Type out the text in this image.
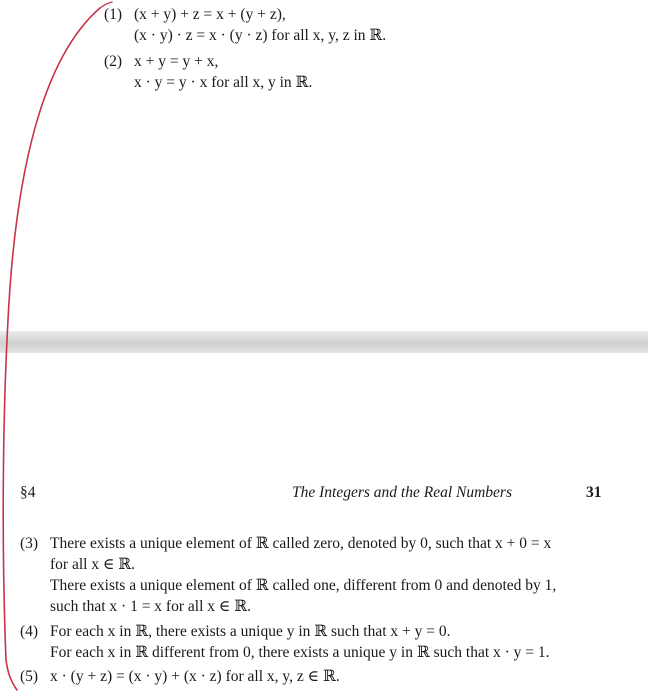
(1) (x + y) + z = x + (y + z),
(x · y) · z = x · (y · z) for all x, y, z in ℝ.
(2) x + y = y + x,
x · y = y · x for all x, y in ℝ.
§4	The Integers and the Real Numbers	31
(3) There exists a unique element of ℝ called zero, denoted by 0, such that x + 0 = x
for all x ∈ ℝ.
There exists a unique element of ℝ called one, different from 0 and denoted by 1,
such that x · 1 = x for all x ∈ ℝ.
(4) For each x in ℝ, there exists a unique y in ℝ such that x + y = 0.
For each x in ℝ different from 0, there exists a unique y in ℝ such that x · y = 1.
(5) x · (y + z) = (x · y) + (x · z) for all x, y, z ∈ ℝ.
